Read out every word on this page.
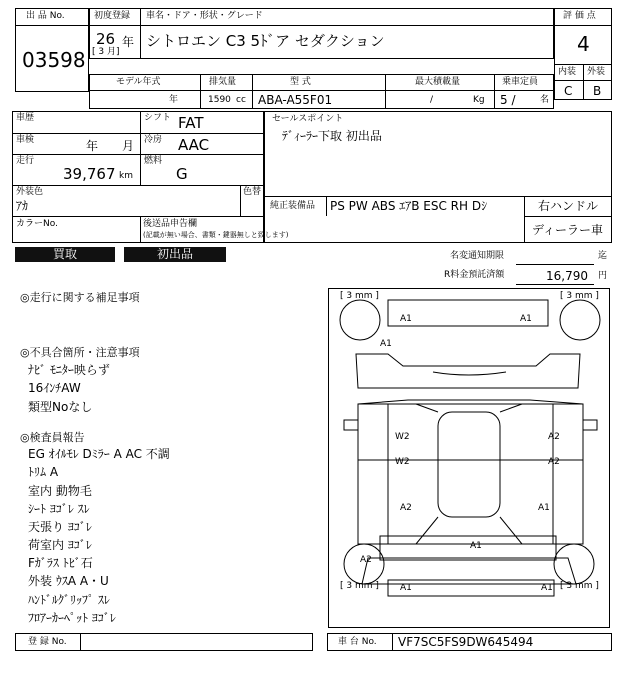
出 品 No.
03598
初度登録 車名・ドア・形状・グレード
26 年
[ 3 月]
シトロエン C3 5ﾄﾞア セダクション
評 価 点
4
内装 外装
C B
モデル年式	排気量	型 式	最大積載量	乗車定員
年	1590 cc ABA-A55F01	/	Kg 5 /	名
車歴	シフト FAT
車検	年 月 冷房 AAC
走行
39,767 km
燃料
G
外装色
ｱｶ
色替
カラーNo.	後送品申告欄
(記載が無い場合、書類・鍵器無しと致します)
セールスポイント
ﾃﾞｨｰﾗｰ下取 初出品
純正装備品 PS PW ABS ｴｱB ESC RH Dｼ	右ハンドル
ディーラー車
買取	初出品	名変通知期限	迄
R料金預託済額	16,790 円
◎走行に関する補足事項
◎不具合箇所・注意事項
ﾅﾋﾞ ﾓﾆﾀｰ映らず
16ｲﾝﾁAW
類型Noなし
◎検査員報告
EG ｵｲﾙﾓﾚ Dﾐﾗｰ A AC 不調
ﾄﾘﾑ A
室内 動物毛
ｼｰﾄ ﾖｺﾞﾚ ｽﾚ
天張り ﾖｺﾞﾚ
荷室内 ﾖｺﾞﾚ
Fｶﾞﾗｽ ﾄﾋﾞ石
外装 ｳｽA A・U
ﾊﾝﾄﾞﾙｸﾞﾘｯﾌﾟ ｽﾚ
ﾌﾛｱｰｶｰﾍﾟｯﾄ ﾖｺﾞﾚ
[ 3 mm ]	[ 3 mm ]
[ 3 mm ]	[ 3 mm ]
A1	A1
A1
W2	A2
W2	A2
A2	A1
A1
A2
A1	A1
登 録 No.	車 台 No. VF7SC5FS9DW645494
